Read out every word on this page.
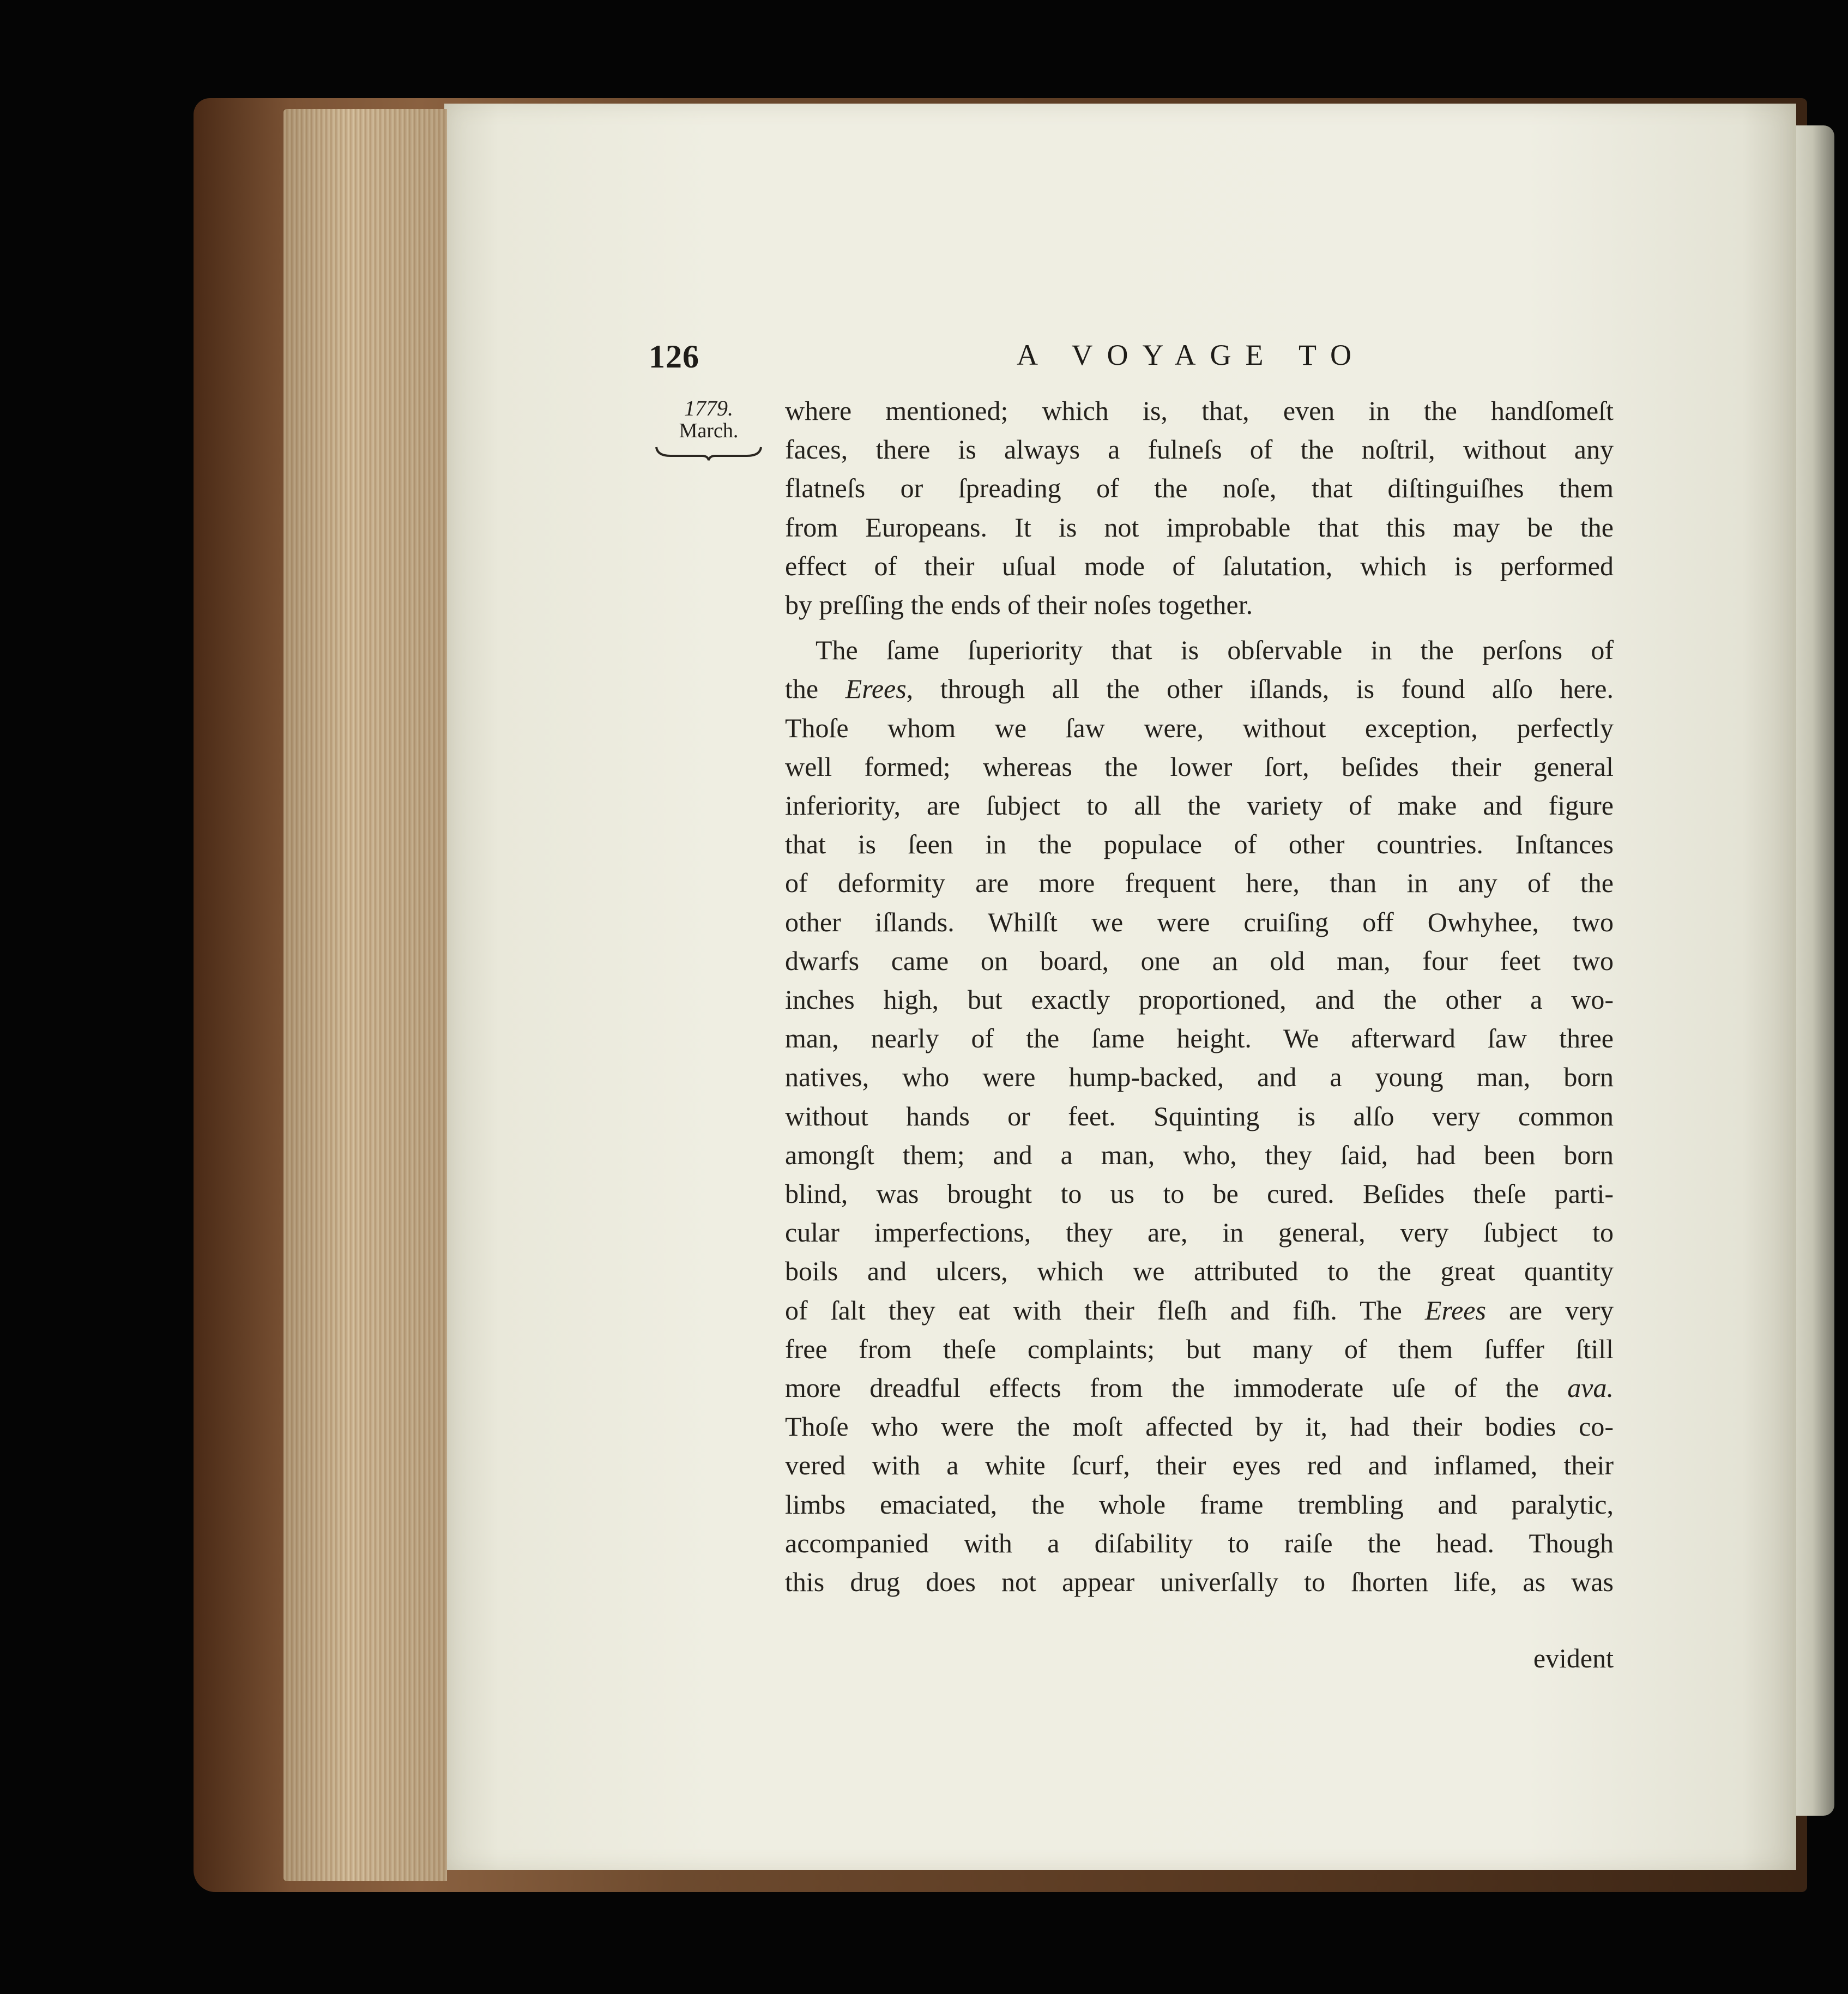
126	A VOYAGE TO
1779.
March.
where mentioned; which is, that, even in the handſomeſt
faces, there is always a fulneſs of the noſtril, without any
flatneſs or ſpreading of the noſe, that diſtinguiſhes them
from Europeans. It is not improbable that this may be the
effect of their uſual mode of ſalutation, which is performed
by preſſing the ends of their noſes together.
The ſame ſuperiority that is obſervable in the perſons of
the Erees, through all the other iſlands, is found alſo here.
Thoſe whom we ſaw were, without exception, perfectly
well formed; whereas the lower ſort, beſides their general
inferiority, are ſubject to all the variety of make and figure
that is ſeen in the populace of other countries. Inſtances
of deformity are more frequent here, than in any of the
other iſlands. Whilſt we were cruiſing off Owhyhee, two
dwarfs came on board, one an old man, four feet two
inches high, but exactly proportioned, and the other a wo-
man, nearly of the ſame height. We afterward ſaw three
natives, who were hump-backed, and a young man, born
without hands or feet. Squinting is alſo very common
amongſt them; and a man, who, they ſaid, had been born
blind, was brought to us to be cured. Beſides theſe parti-
cular imperfections, they are, in general, very ſubject to
boils and ulcers, which we attributed to the great quantity
of ſalt they eat with their fleſh and fiſh. The Erees are very
free from theſe complaints; but many of them ſuffer ſtill
more dreadful effects from the immoderate uſe of the ava.
Thoſe who were the moſt affected by it, had their bodies co-
vered with a white ſcurf, their eyes red and inflamed, their
limbs emaciated, the whole frame trembling and paralytic,
accompanied with a diſability to raiſe the head. Though
this drug does not appear univerſally to ſhorten life, as was
evident
